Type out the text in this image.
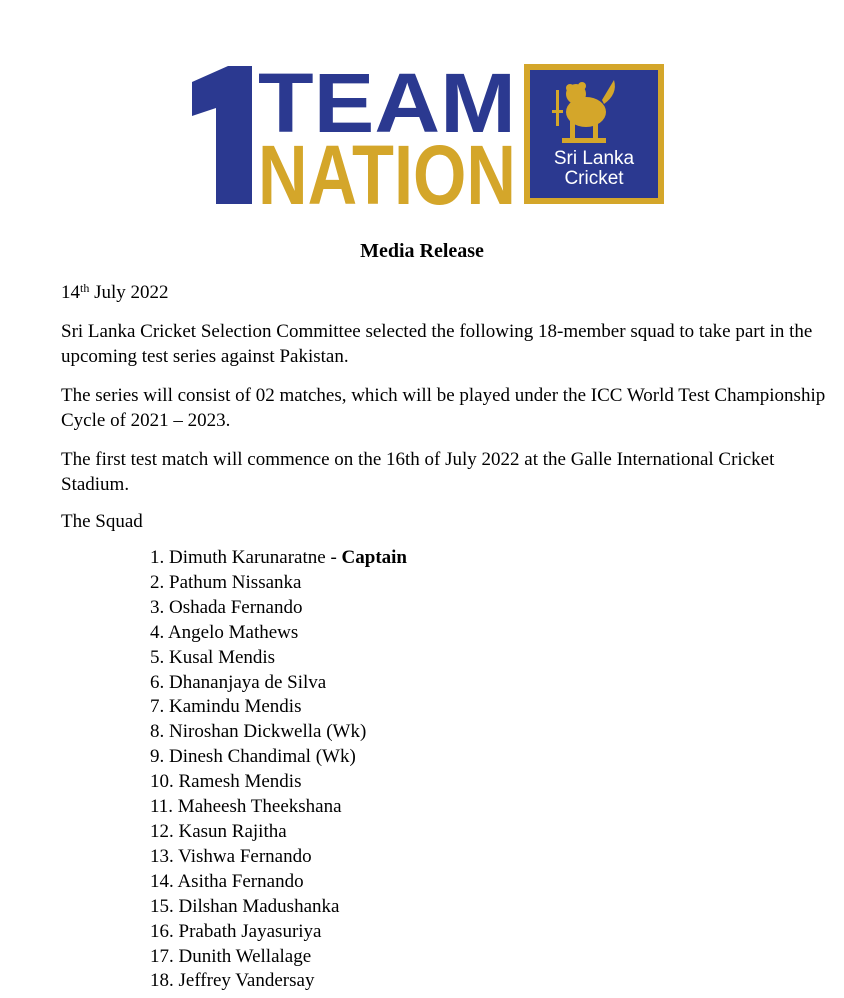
TEAM
NATION Sri Lanka
Cricket
Media Release

14th July 2022

Sri Lanka Cricket Selection Committee selected the following 18-member squad to take part in the upcoming test series against Pakistan.

The series will consist of 02 matches, which will be played under the ICC World Test Championship Cycle of 2021 – 2023.

The first test match will commence on the 16th of July 2022 at the Galle International Cricket Stadium.

The Squad

1. Dimuth Karunaratne - Captain
2. Pathum Nissanka
3. Oshada Fernando
4. Angelo Mathews
5. Kusal Mendis
6. Dhananjaya de Silva
7. Kamindu Mendis
8. Niroshan Dickwella (Wk)
9. Dinesh Chandimal (Wk)
10. Ramesh Mendis
11. Maheesh Theekshana
12. Kasun Rajitha
13. Vishwa Fernando
14. Asitha Fernando
15. Dilshan Madushanka
16. Prabath Jayasuriya
17. Dunith Wellalage
18. Jeffrey Vandersay
